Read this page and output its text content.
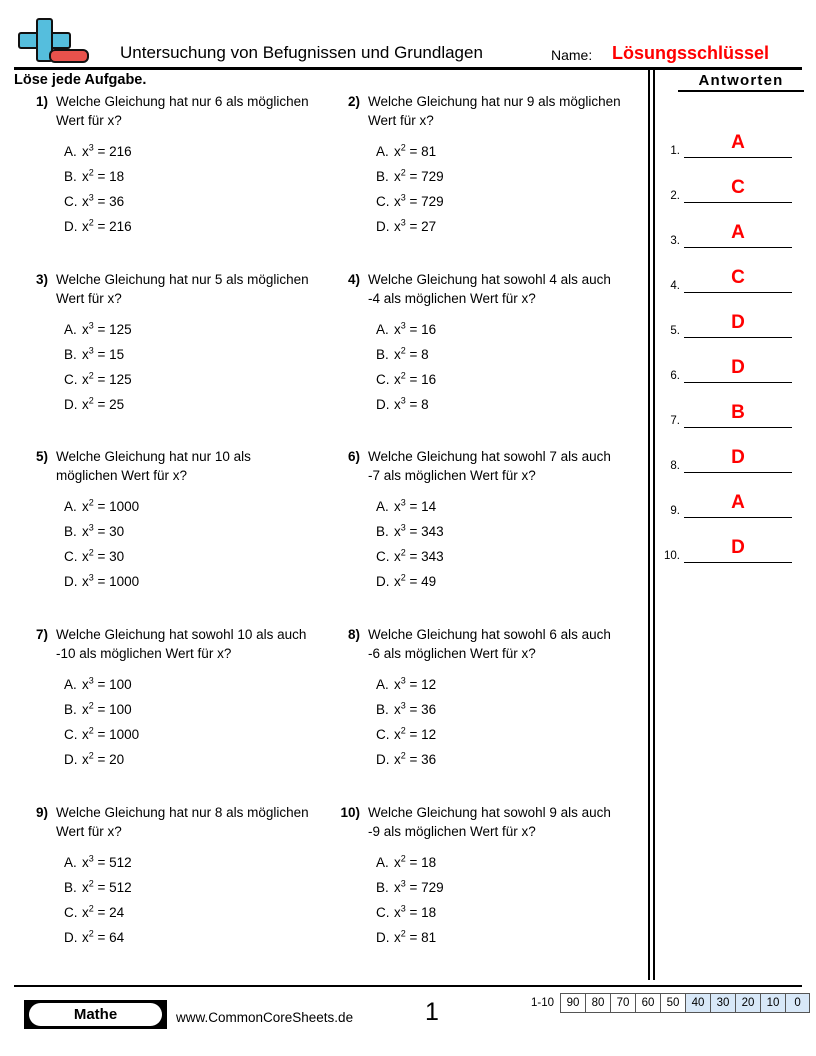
Untersuchung von Befugnissen und Grundlagen	Name: Lösungsschlüssel
Löse jede Aufgabe.
1) Welche Gleichung hat nur 6 als möglichen Wert für x?
A. $x^3 = 216$
B. $x^2 = 18$
C. $x^3 = 36$
D. $x^2 = 216$
2) Welche Gleichung hat nur 9 als möglichen Wert für x?
A. $x^2 = 81$
B. $x^2 = 729$
C. $x^3 = 729$
D. $x^3 = 27$
3) Welche Gleichung hat nur 5 als möglichen Wert für x?
A. $x^3 = 125$
B. $x^3 = 15$
C. $x^2 = 125$
D. $x^2 = 25$
4) Welche Gleichung hat sowohl 4 als auch -4 als möglichen Wert für x?
A. $x^3 = 16$
B. $x^2 = 8$
C. $x^2 = 16$
D. $x^3 = 8$
5) Welche Gleichung hat nur 10 als möglichen Wert für x?
A. $x^2 = 1000$
B. $x^3 = 30$
C. $x^2 = 30$
D. $x^3 = 1000$
6) Welche Gleichung hat sowohl 7 als auch -7 als möglichen Wert für x?
A. $x^3 = 14$
B. $x^3 = 343$
C. $x^2 = 343$
D. $x^2 = 49$
7) Welche Gleichung hat sowohl 10 als auch -10 als möglichen Wert für x?
A. $x^3 = 100$
B. $x^2 = 100$
C. $x^2 = 1000$
D. $x^2 = 20$
8) Welche Gleichung hat sowohl 6 als auch -6 als möglichen Wert für x?
A. $x^3 = 12$
B. $x^3 = 36$
C. $x^2 = 12$
D. $x^2 = 36$
9) Welche Gleichung hat nur 8 als möglichen Wert für x?
A. $x^3 = 512$
B. $x^2 = 512$
C. $x^2 = 24$
D. $x^2 = 64$
10) Welche Gleichung hat sowohl 9 als auch -9 als möglichen Wert für x?
A. $x^2 = 18$
B. $x^3 = 729$
C. $x^3 = 18$
D. $x^2 = 81$
Antworten
1.	A
2.	C
3.	A
4.	C
5.	D
6.	D
7.	B
8.	D
9.	A
10.	D
Mathe	www.CommonCoreSheets.de	1	1-10	90	80	70	60	50	40	30	20	10	0
